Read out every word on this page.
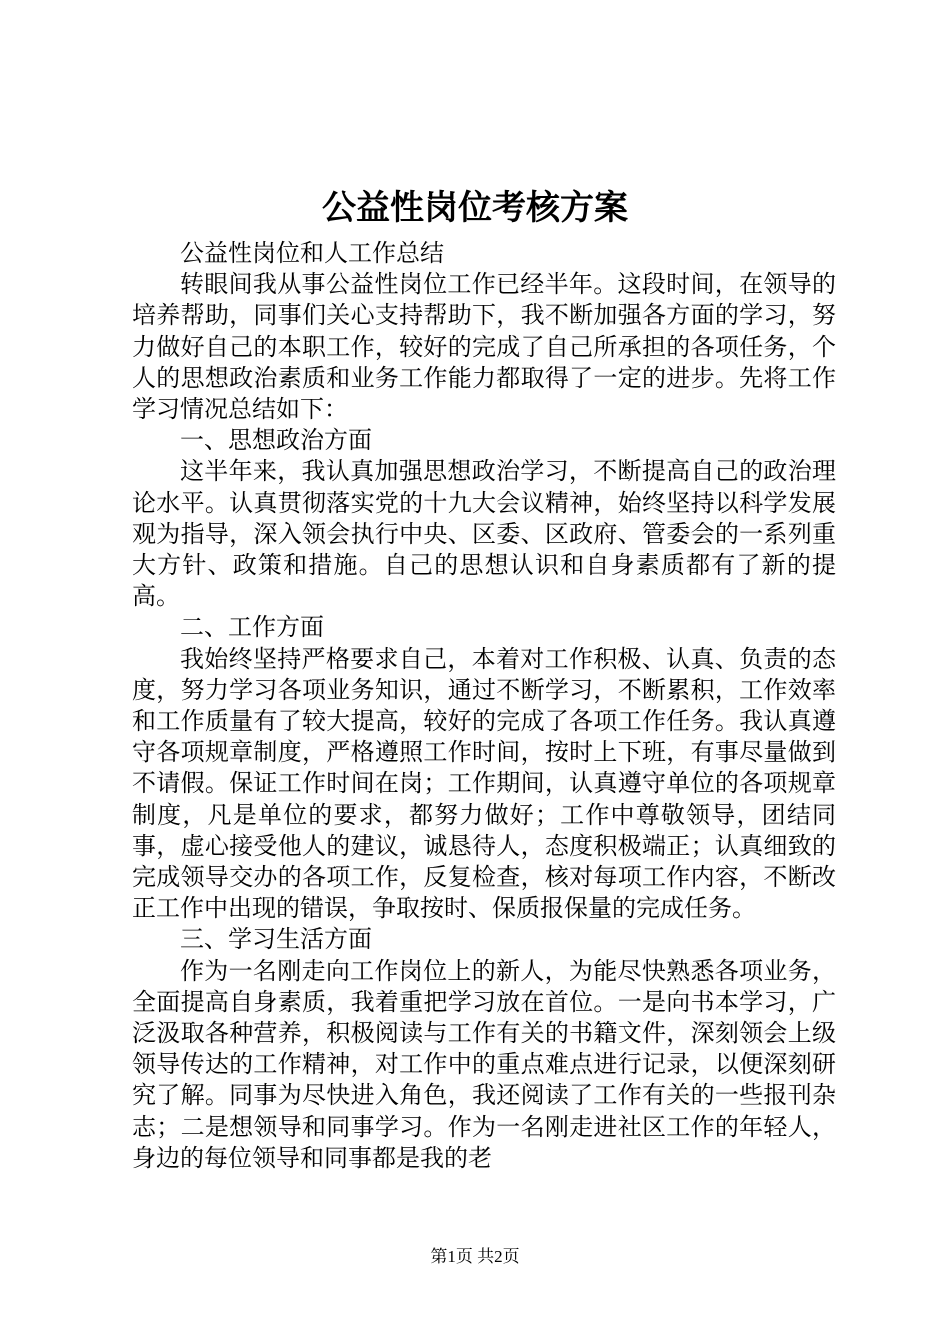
公益性岗位考核方案

公益性岗位和人工作总结

转眼间我从事公益性岗位工作已经半年。这段时间，在领导的培养帮助，同事们关心支持帮助下，我不断加强各方面的学习，努力做好自己的本职工作，较好的完成了自己所承担的各项任务，个人的思想政治素质和业务工作能力都取得了一定的进步。先将工作学习情况总结如下：

一、思想政治方面

这半年来，我认真加强思想政治学习，不断提高自己的政治理论水平。认真贯彻落实党的十九大会议精神，始终坚持以科学发展观为指导，深入领会执行中央、区委、区政府、管委会的一系列重大方针、政策和措施。自己的思想认识和自身素质都有了新的提高。

二、工作方面

我始终坚持严格要求自己，本着对工作积极、认真、负责的态度，努力学习各项业务知识，通过不断学习，不断累积，工作效率和工作质量有了较大提高，较好的完成了各项工作任务。我认真遵守各项规章制度，严格遵照工作时间，按时上下班，有事尽量做到不请假。保证工作时间在岗；工作期间，认真遵守单位的各项规章制度，凡是单位的要求，都努力做好；工作中尊敬领导，团结同事，虚心接受他人的建议，诚恳待人，态度积极端正；认真细致的完成领导交办的各项工作，反复检查，核对每项工作内容，不断改正工作中出现的错误，争取按时、保质报保量的完成任务。

三、学习生活方面

作为一名刚走向工作岗位上的新人，为能尽快熟悉各项业务，全面提高自身素质，我着重把学习放在首位。一是向书本学习，广泛汲取各种营养，积极阅读与工作有关的书籍文件，深刻领会上级领导传达的工作精神，对工作中的重点难点进行记录，以便深刻研究了解。同事为尽快进入角色，我还阅读了工作有关的一些报刊杂志；二是想领导和同事学习。作为一名刚走进社区工作的年轻人，身边的每位领导和同事都是我的老

第1页 共2页
